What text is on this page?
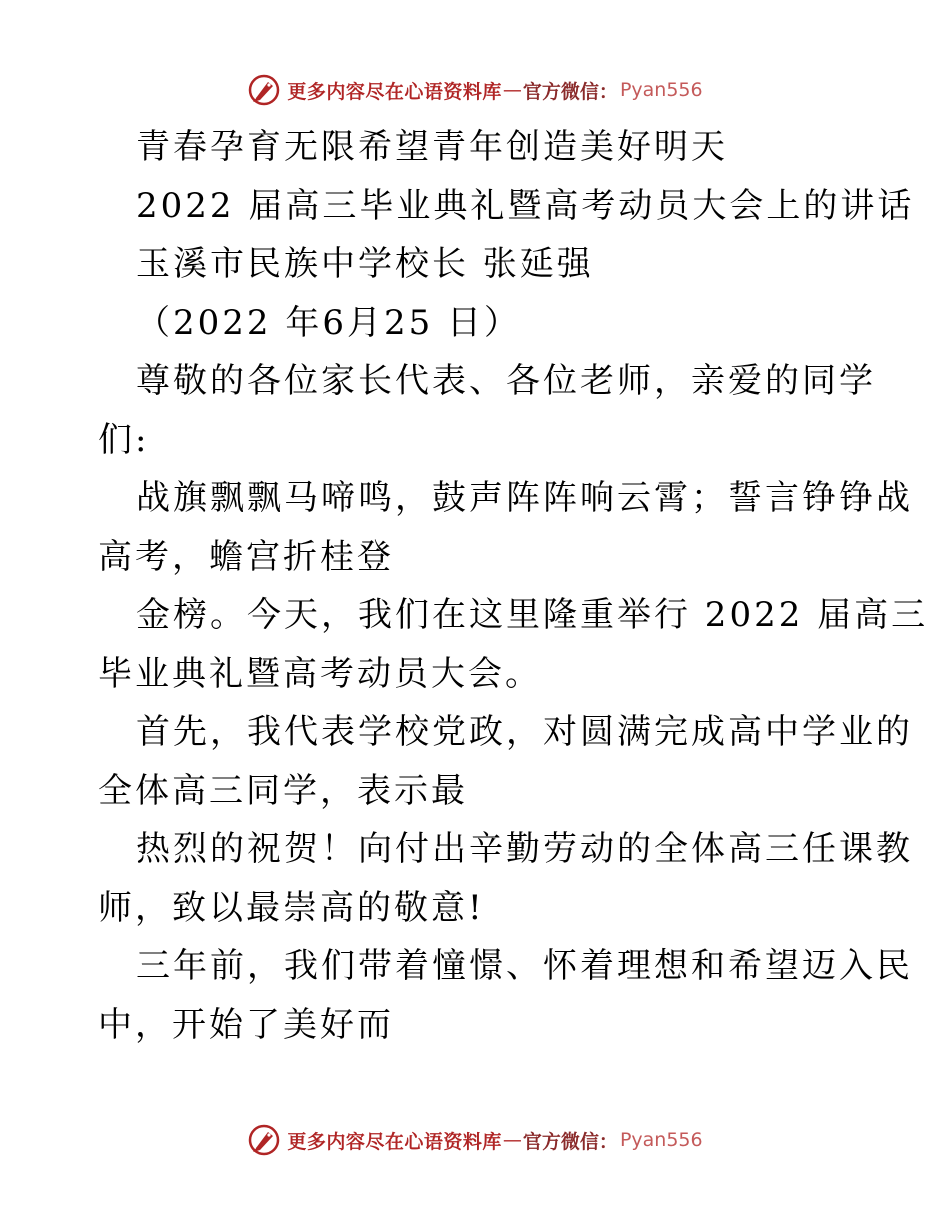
更多内容尽在心语资料库 — 官方微信： Pyan556
青春孕育无限希望青年创造美好明天
2022 届高三毕业典礼暨高考动员大会上的讲话
玉溪市民族中学校长 张延强
（2022 年6月25 日）
尊敬的各位家长代表、各位老师，亲爱的同学
们:
战旗飘飘马啼鸣，鼓声阵阵响云霄；誓言铮铮战
高考，蟾宫折桂登
金榜。今天，我们在这里隆重举行 2022 届高三
毕业典礼暨高考动员大会。
首先，我代表学校党政，对圆满完成高中学业的
全体高三同学，表示最
热烈的祝贺！向付出辛勤劳动的全体高三任课教
师，致以最崇高的敬意!
三年前，我们带着憧憬、怀着理想和希望迈入民
中，开始了美好而
更多内容尽在心语资料库 — 官方微信： Pyan556
